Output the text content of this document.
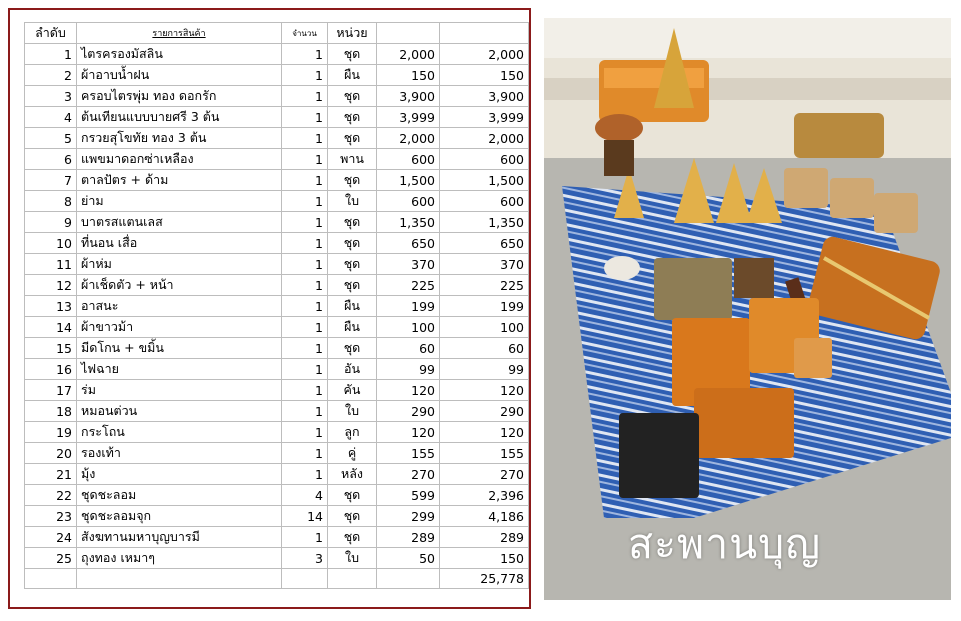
ลำดับ	รายการสินค้า	จำนวน	หน่วย		
1	ไตรครองมัสลิน	1	ชุด	2,000	2,000
2	ผ้าอาบน้ำฝน	1	ผืน	150	150
3	ครอบไตรพุ่ม ทอง ดอกรัก	1	ชุด	3,900	3,900
4	ต้นเทียนแบบบายศรี 3 ต้น	1	ชุด	3,999	3,999
5	กรวยสุโขทัย ทอง 3 ต้น	1	ชุด	2,000	2,000
6	แพขมาดอกซ่าเหลือง	1	พาน	600	600
7	ตาลปัตร + ด้าม	1	ชุด	1,500	1,500
8	ย่าม	1	ใบ	600	600
9	บาตรสแตนเลส	1	ชุด	1,350	1,350
10	ที่นอน เสื่อ	1	ชุด	650	650
11	ผ้าห่ม	1	ชุด	370	370
12	ผ้าเช็ดตัว + หน้า	1	ชุด	225	225
13	อาสนะ	1	ผืน	199	199
14	ผ้าขาวม้า	1	ผืน	100	100
15	มีดโกน + ขมิ้น	1	ชุด	60	60
16	ไฟฉาย	1	อัน	99	99
17	ร่ม	1	คัน	120	120
18	หมอนต่วน	1	ใบ	290	290
19	กระโถน	1	ลูก	120	120
20	รองเท้า	1	คู่	155	155
21	มุ้ง	1	หลัง	270	270
22	ชุดชะลอม	4	ชุด	599	2,396
23	ชุดชะลอมจุก	14	ชุด	299	4,186
24	สังฆทานมหาบุญบารมี	1	ชุด	289	289
25	ถุงทอง เหมาๆ	3	ใบ	50	150
					25,778
สะพานบุญ
